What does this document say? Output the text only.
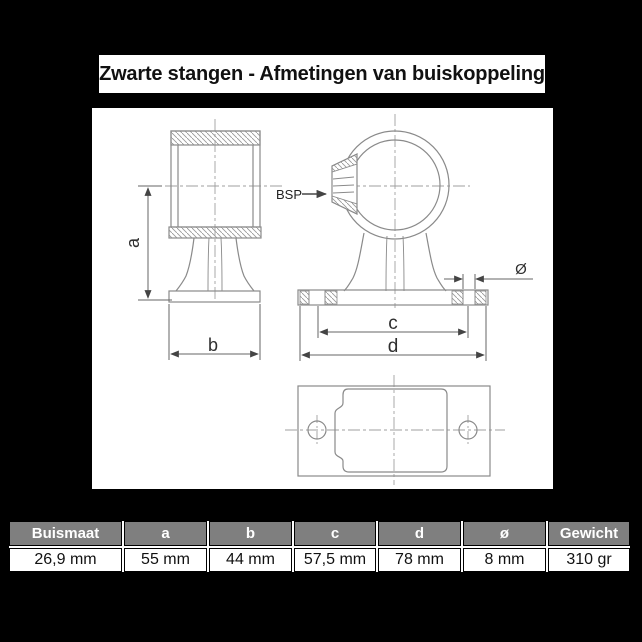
Zwarte stangen - Afmetingen van buiskoppeling
a
b
BSP
Ø
c
d
Buismaat	a	b	c	d	ø	Gewicht
26,9 mm	55 mm	44 mm	57,5 mm	78 mm	8 mm	310 gr
